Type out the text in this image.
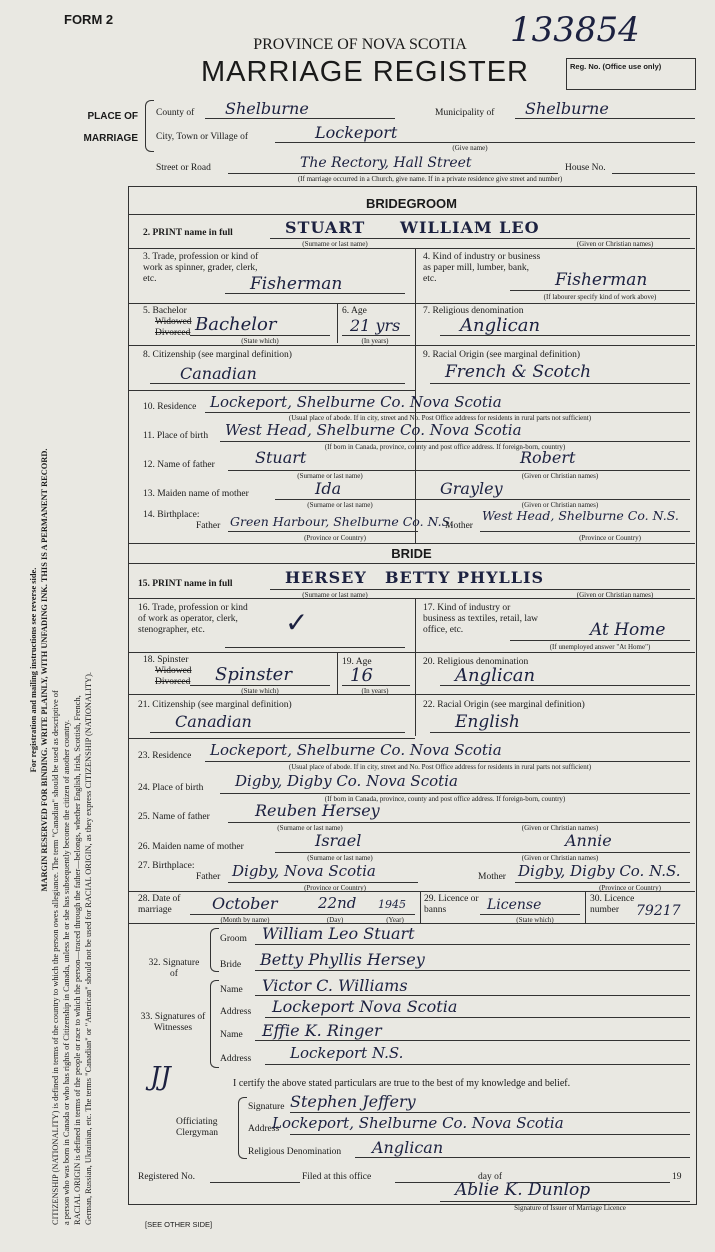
For registration and mailing instructions see reverse side. MARGIN RESERVED FOR BINDING. WRITE PLAINLY, WITH UNFADING INK. THIS IS A PERMANENT RECORD.
CITIZENSHIP (NATIONALITY) is defined in terms of the country to which the person owes allegiance. The term "Canadian" should be used as descriptive of a person who was born in Canada or who has rights of Citizenship in Canada, unless he or she has subsequently become the citizen of another country. RACIAL ORIGIN is defined in terms of the people or race to which the person—traced through the father—belongs, whether English, Irish, Scottish, French, German, Russian, Ukrainian, etc. The terms "Canadian" or "American" should not be used for RACIAL ORIGIN, as they express CITIZENSHIP (NATIONALITY).
FORM 2	133854
PROVINCE OF NOVA SCOTIA
MARRIAGE REGISTER	Reg. No. (Office use only)
PLACE OF MARRIAGE
County of Shelburne	Municipality of Shelburne
City, Town or Village of	Lockeport
(Give name)
Street or Road	The Rectory, Hall Street	House No.
(If marriage occurred in a Church, give name. If in a private residence give street and number)
BRIDEGROOM
2. PRINT name in full	STUART WILLIAM LEO
(Surname or last name)	(Given or Christian names)
3. Trade, profession or kind of work as spinner, grader, clerk, etc.	Fisherman
4. Kind of industry or business as paper mill, lumber, bank, etc.	Fisherman
(If labourer specify kind of work above)
5. Bachelor
Widowed
Divorced Bachelor
(State which)
6. Age
21 yrs
(In years)
7. Religious denomination
Anglican
8. Citizenship (see marginal definition)
Canadian
9. Racial Origin (see marginal definition)
French & Scotch
10. Residence Lockeport, Shelburne Co. Nova Scotia
(Usual place of abode. If in city, street and No. Post Office address for residents in rural parts not sufficient)
11. Place of birth West Head, Shelburne Co. Nova Scotia
(If born in Canada, province, county and post office address. If foreign-born, country)
12. Name of father	Stuart	Robert
(Surname or last name)	(Given or Christian names)
13. Maiden name of mother	Ida	Grayley
(Surname or last name)	(Given or Christian names)
14. Birthplace:
Father Green Harbour, Shelburne Co. N.S.
(Province or Country)
Mother
West Head, Shelburne Co. N.S.
(Province or Country)
BRIDE
15. PRINT name in full	HERSEY BETTY PHYLLIS
(Surname or last name)	(Given or Christian names)
16. Trade, profession or kind of work as operator, clerk, stenographer, etc.	✓	17. Kind of industry or business as textiles, retail, law office, etc.	At Home
(If unemployed answer "At Home")
18. Spinster
Widowed
Divorced Spinster
(State which)
19. Age
16
(In years)
20. Religious denomination
Anglican
21. Citizenship (see marginal definition)
Canadian
22. Racial Origin (see marginal definition)
English
23. Residence Lockeport, Shelburne Co. Nova Scotia
(Usual place of abode. If in city, street and No. Post Office address for residents in rural parts not sufficient)
24. Place of birth Digby, Digby Co. Nova Scotia
(If born in Canada, province, county and post office address. If foreign-born, country)
25. Name of father	Reuben Hersey
(Surname or last name)	(Given or Christian names)
26. Maiden name of mother	Israel	Annie
(Surname or last name)	(Given or Christian names)
27. Birthplace:
Father Digby, Nova Scotia
(Province or Country)
Mother Digby, Digby Co. N.S.
(Province or Country)
28. Date of marriage	October	22nd 1945
(Month by name)	(Day)	(Year)
29. Licence or banns	License
(State which)
30. Licence number	79217
32. Signature of
Groom William Leo Stuart
Bride Betty Phyllis Hersey
33. Signatures of Witnesses
Name Victor C. Williams
Address Lockeport Nova Scotia
Name Effie K. Ringer
Address	Lockeport N.S.
I certify the above stated particulars are true to the best of my knowledge and belief.
JJ
Officiating Clergyman
Signature Stephen Jeffery
Address
Lockeport, Shelburne Co. Nova Scotia
Religious Denomination Anglican
Registered No.	Filed at this office	day of	19
Ablie K. Dunlop
Signature of Issuer of Marriage Licence
[SEE OTHER SIDE]
